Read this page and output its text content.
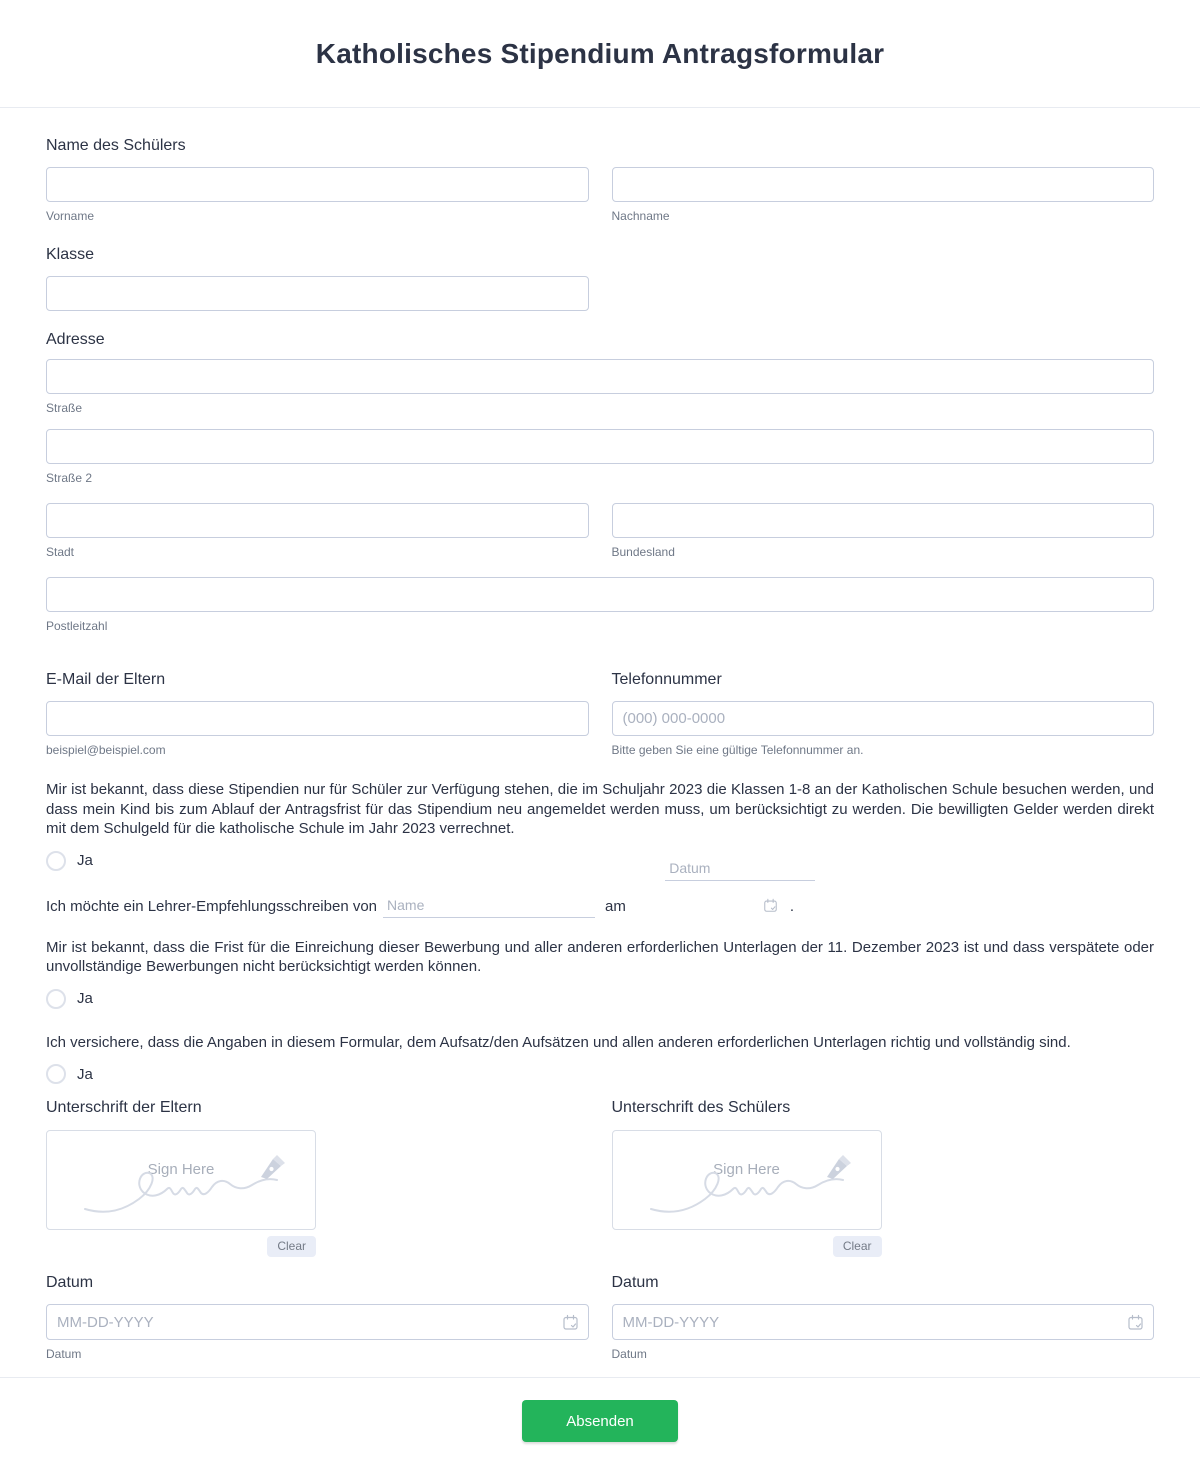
Katholisches Stipendium Antragsformular
Name des Schülers
Vorname	Nachname
Klasse
Adresse
Straße
Straße 2
Stadt	Bundesland
Postleitzahl
E-Mail der Eltern
beispiel@beispiel.com
Telefonnummer
(000) 000-0000
Bitte geben Sie eine gültige Telefonnummer an.

Mir ist bekannt, dass diese Stipendien nur für Schüler zur Verfügung stehen, die im Schuljahr 2023 die Klassen 1-8 an der Katholischen Schule besuchen werden, und dass mein Kind bis zum Ablauf der Antragsfrist für das Stipendium neu angemeldet werden muss, um berücksichtigt zu werden. Die bewilligten Gelder werden direkt mit dem Schulgeld für die katholische Schule im Jahr 2023 verrechnet.

Ja
Ich möchte ein Lehrer-Empfehlungsschreiben von
Name	am

Datum

	.

Mir ist bekannt, dass die Frist für die Einreichung dieser Bewerbung und aller anderen erforderlichen Unterlagen der 11. Dezember 2023 ist und dass verspätete oder unvollständige Bewerbungen nicht berücksichtigt werden können.

Ja

Ich versichere, dass die Angaben in diesem Formular, dem Aufsatz/den Aufsätzen und allen anderen erforderlichen Unterlagen richtig und vollständig sind.

Ja
Unterschrift der Eltern
Sign Here
Clear
Unterschrift des Schülers
Sign Here
Clear
Datum
MM-DD-YYYY
Datum
Datum
MM-DD-YYYY
Datum
Absenden
